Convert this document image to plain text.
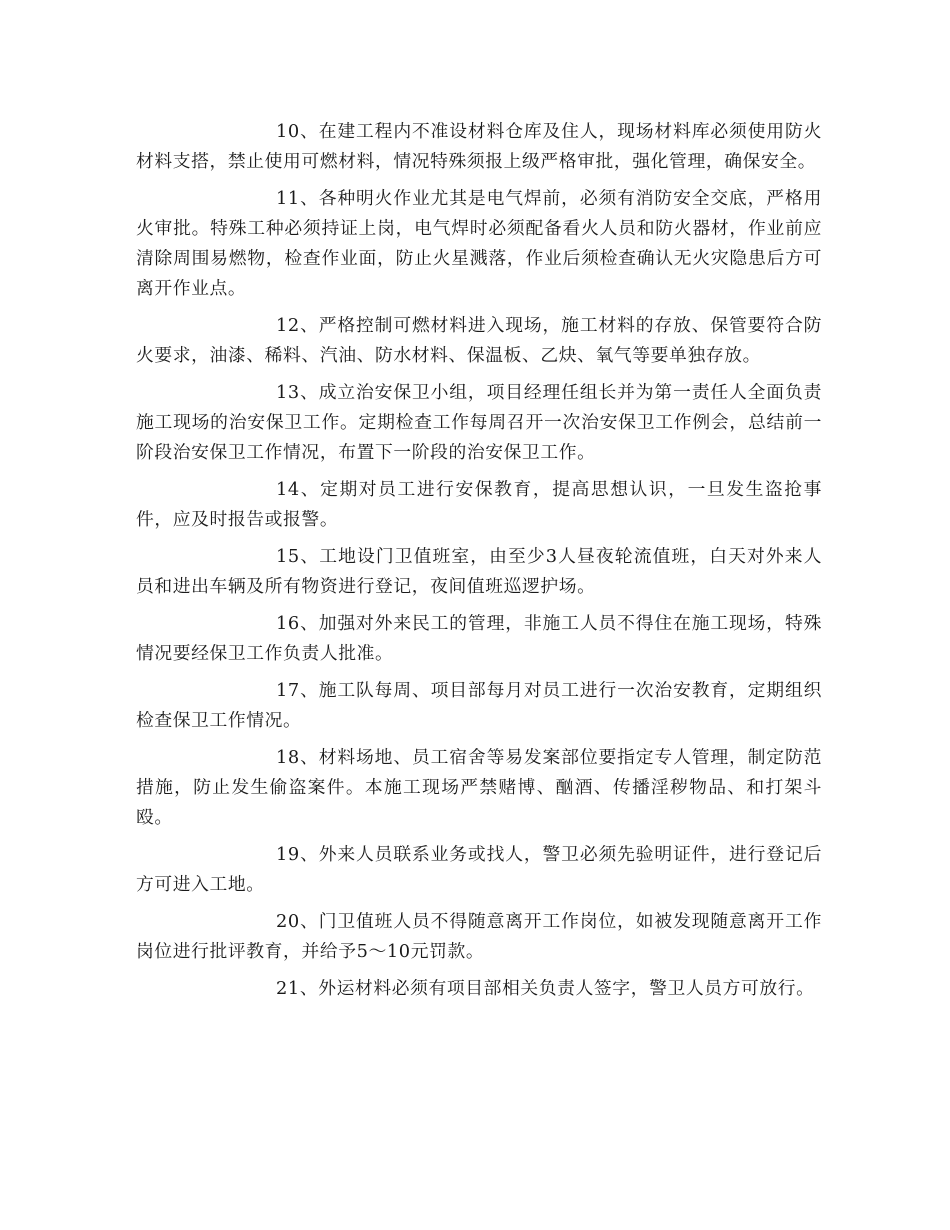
10、在建工程内不准设材料仓库及住人，现场材料库必须使用防火材料支搭，禁止使用可燃材料，情况特殊须报上级严格审批，强化管理，确保安全。

11、各种明火作业尤其是电气焊前，必须有消防安全交底，严格用火审批。特殊工种必须持证上岗，电气焊时必须配备看火人员和防火器材，作业前应清除周围易燃物，检查作业面，防止火星溅落，作业后须检查确认无火灾隐患后方可离开作业点。

12、严格控制可燃材料进入现场，施工材料的存放、保管要符合防火要求，油漆、稀料、汽油、防水材料、保温板、乙炔、氧气等要单独存放。

13、成立治安保卫小组，项目经理任组长并为第一责任人全面负责施工现场的治安保卫工作。定期检查工作每周召开一次治安保卫工作例会，总结前一阶段治安保卫工作情况，布置下一阶段的治安保卫工作。

14、定期对员工进行安保教育，提高思想认识，一旦发生盗抢事件，应及时报告或报警。

15、工地设门卫值班室，由至少3人昼夜轮流值班，白天对外来人员和进出车辆及所有物资进行登记，夜间值班巡逻护场。

16、加强对外来民工的管理，非施工人员不得住在施工现场，特殊情况要经保卫工作负责人批准。

17、施工队每周、项目部每月对员工进行一次治安教育，定期组织检查保卫工作情况。

18、材料场地、员工宿舍等易发案部位要指定专人管理，制定防范措施，防止发生偷盗案件。本施工现场严禁赌博、酗酒、传播淫秽物品、和打架斗殴。

19、外来人员联系业务或找人，警卫必须先验明证件，进行登记后方可进入工地。

20、门卫值班人员不得随意离开工作岗位，如被发现随意离开工作岗位进行批评教育，并给予5～10元罚款。

21、外运材料必须有项目部相关负责人签字，警卫人员方可放行。
